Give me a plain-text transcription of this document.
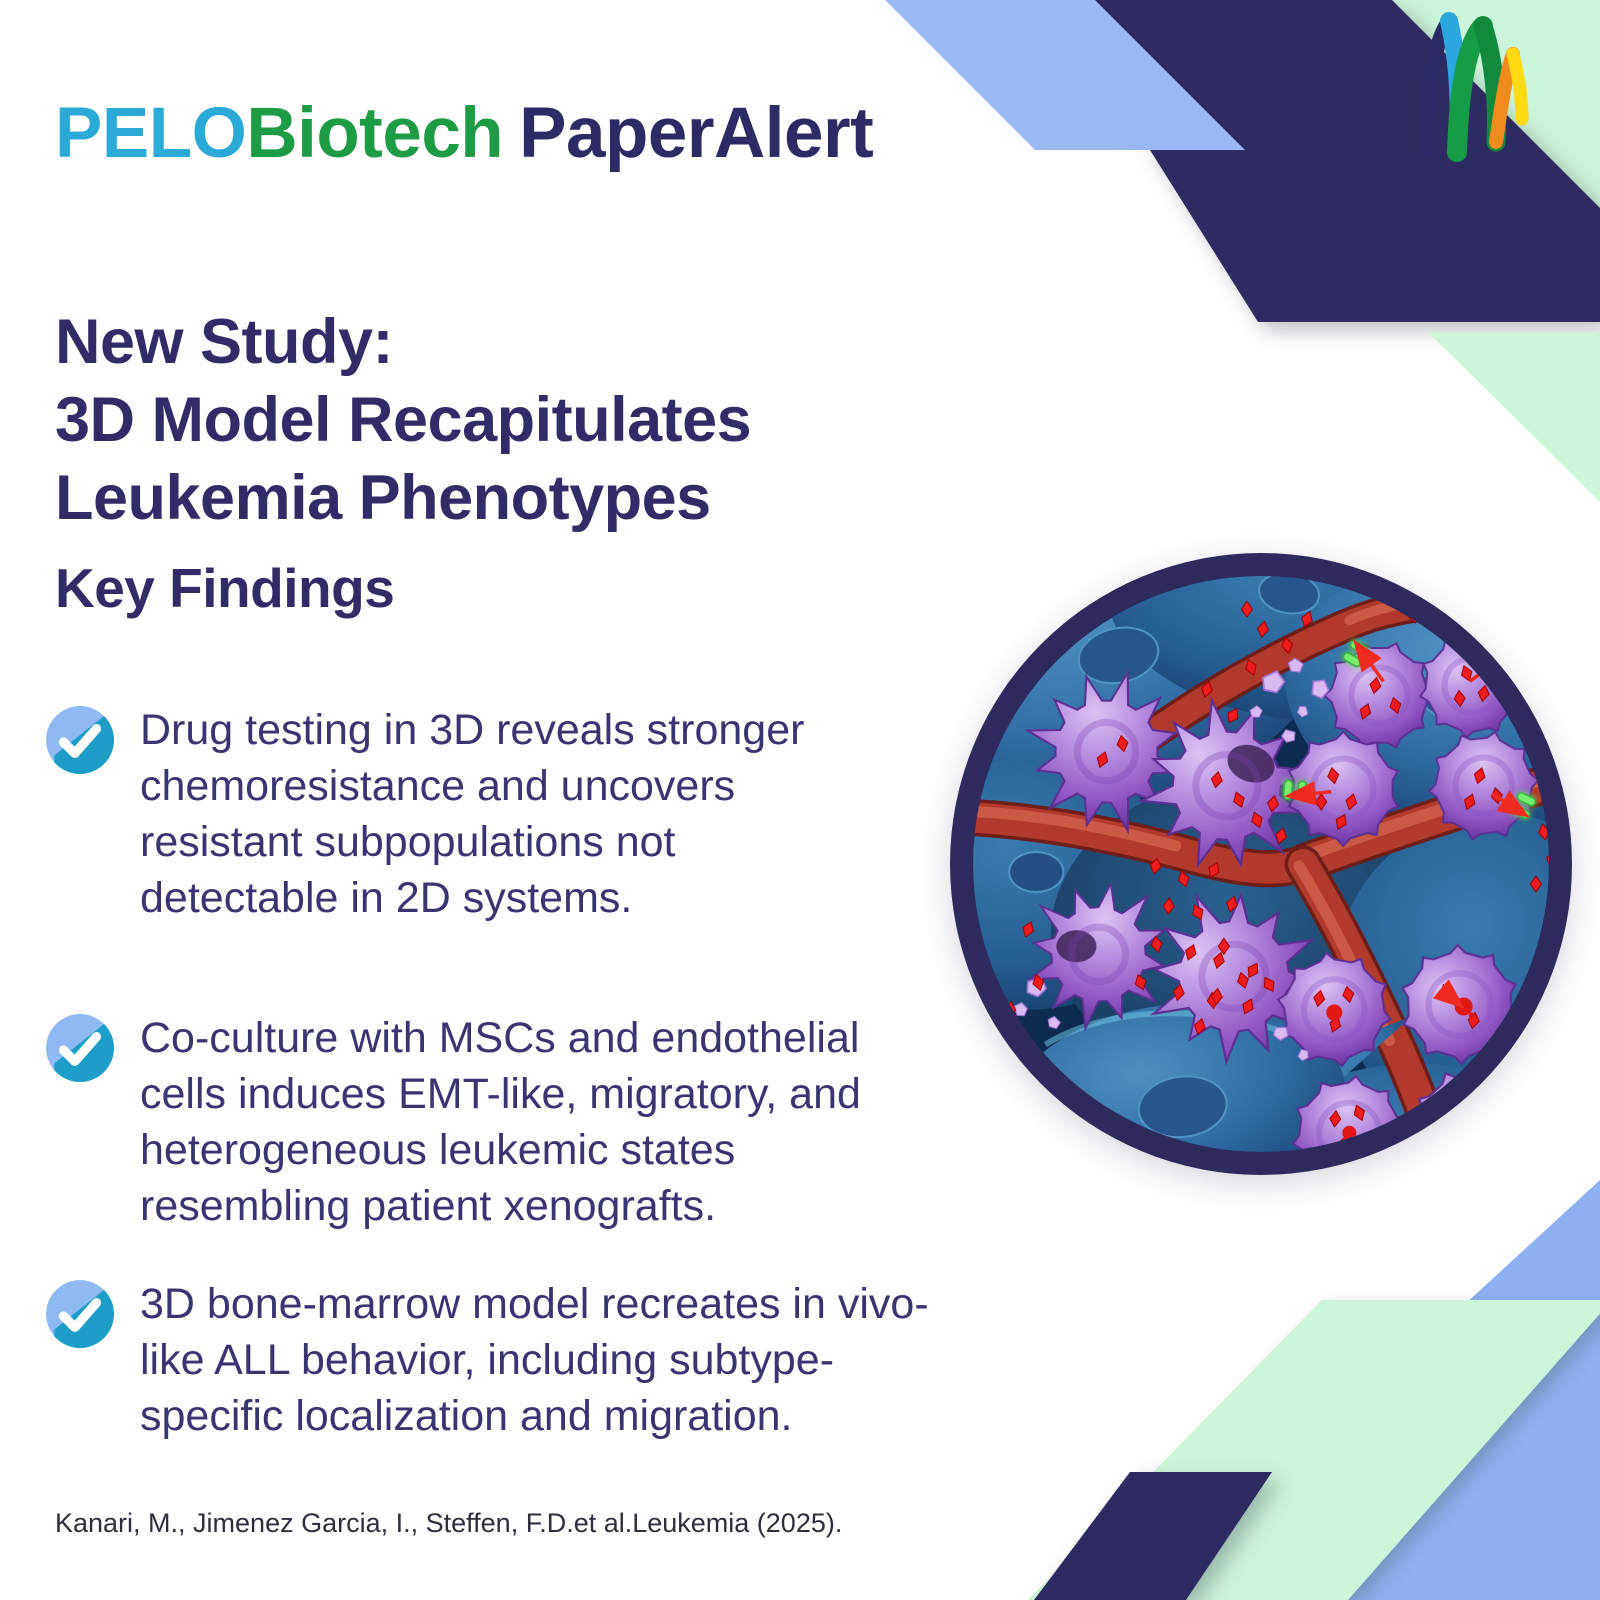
PELOBiotech PaperAlert
New Study:
3D Model Recapitulates
Leukemia Phenotypes
Key Findings
Drug testing in 3D reveals stronger
chemoresistance and uncovers
resistant subpopulations not
detectable in 2D systems.
Co-culture with MSCs and endothelial
cells induces EMT-like, migratory, and
heterogeneous leukemic states
resembling patient xenografts.
3D bone-marrow model recreates in vivo-
like ALL behavior, including subtype-
specific localization and migration.
Kanari, M., Jimenez Garcia, I., Steffen, F.D.et al.Leukemia (2025).
